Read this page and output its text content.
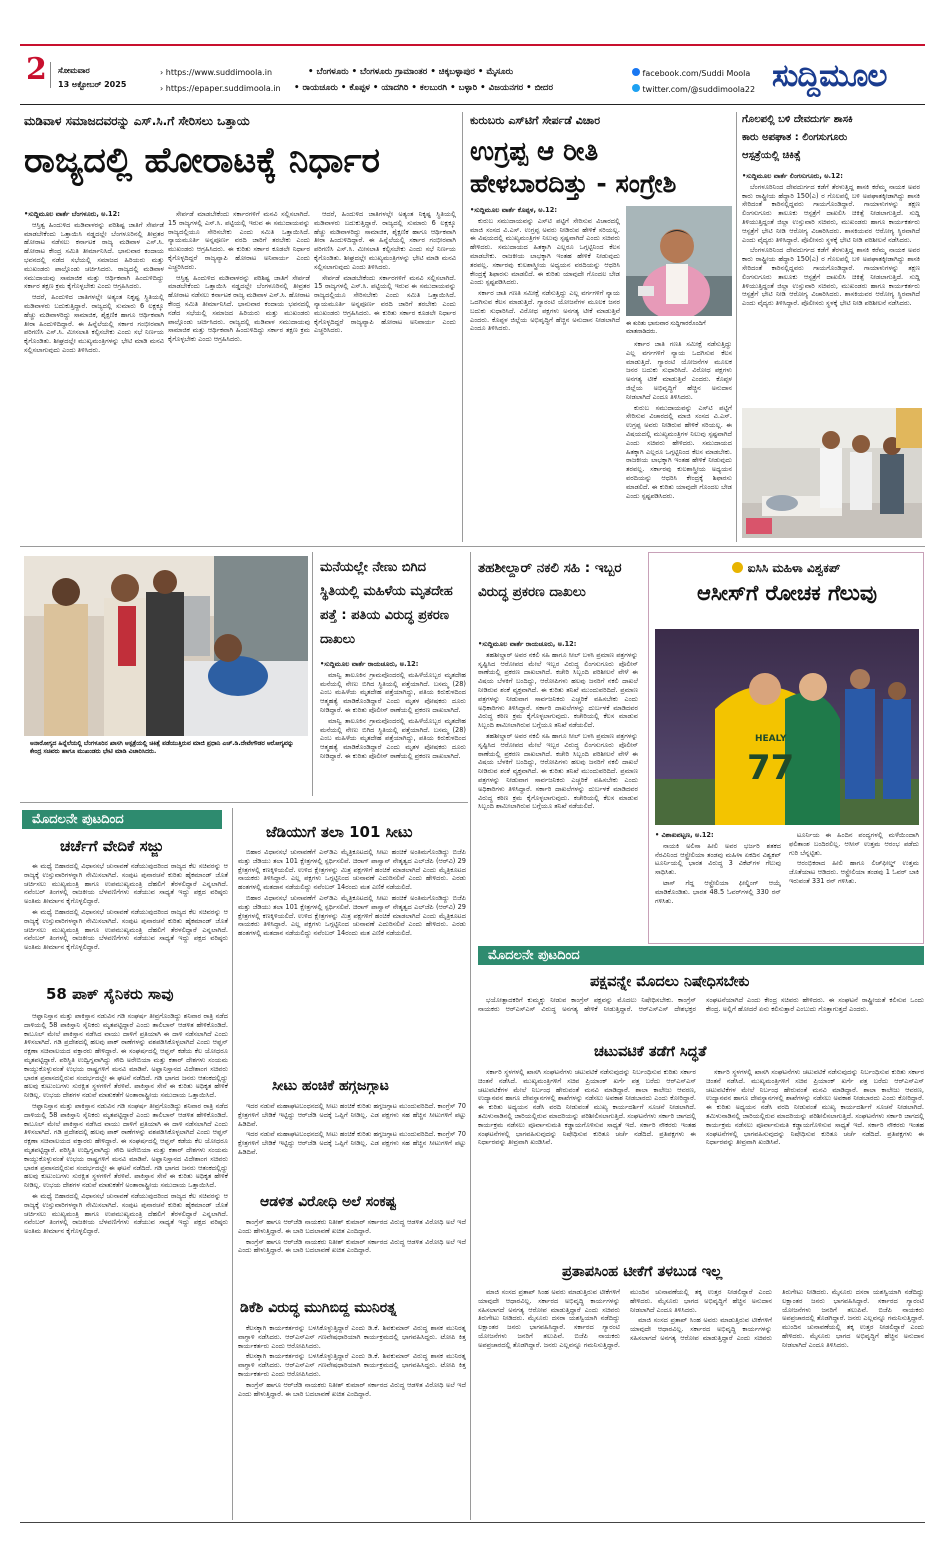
2 ಸೋಮವಾರ
13 ಅಕ್ಟೋಬರ್ 2025
› https://www.suddimoola.in
› https://epaper.suddimoola.in
• ಬೆಂಗಳೂರು • ಬೆಂಗಳೂರು ಗ್ರಾಮಾಂತರ • ಚಿಕ್ಕಬಳ್ಳಾಪುರ • ಮೈಸೂರು
• ರಾಯಚೂರು • ಕೊಪ್ಪಳ • ಯಾದಗಿರಿ • ಕಲಬುರಗಿ • ಬಳ್ಳಾರಿ • ವಿಜಯನಗರ • ಬೀದರ
facebook.com/Suddi Moola
twitter.com/@suddimoola22 ಸುದ್ದಿಮೂಲ
ಮಡಿವಾಳ ಸಮಾಜದವರನ್ನು ಎಸ್.ಸಿ.ಗೆ ಸೇರಿಸಲು ಒತ್ತಾಯ
ರಾಜ್ಯದಲ್ಲಿ ಹೋರಾಟಕ್ಕೆ ನಿರ್ಧಾರ

•ಸುದ್ದಿಮೂಲ ವಾರ್ತೆ ಬೆಂಗಳೂರು, ಅ.12:

ಆಸ್ತಿತ್ವ ಹಿಂದುಳಿದ ಮಡಿವಾಳರನ್ನು ಪರಿಶಿಷ್ಟ ಜಾತಿಗೆ ಸೇರ್ಪಡೆ ಮಾಡಬೇಕೆಂದು ಒತ್ತಾಯಿಸಿ ನಡ್ಡದಲ್ಲೇ ಬೆಂಗಳೂರಿನಲ್ಲಿ ತೀವ್ರತರ ಹೋರಾಟ ನಡೆಸಲು ಕರ್ನಾಟಕ ರಾಜ್ಯ ಮಡಿವಾಳ ಎಸ್.ಸಿ. ಹೋರಾಟ ಕೇಂದ್ರ ಸಮಿತಿ ತೀರ್ಮಾನಿಸಿದೆ. ಭಾನುವಾರ ಕಂದಾಯ ಭವನದಲ್ಲಿ ನಡೆದ ಸಭೆಯಲ್ಲಿ ಸಮಾಜದ ಹಿರಿಯರು ಮತ್ತು ಮುಖಂಡರು ಪಾಲ್ಗೊಂಡು ಚರ್ಚಿಸಿದರು. ರಾಜ್ಯದಲ್ಲಿ ಮಡಿವಾಳ ಸಮುದಾಯವು ಸಾಮಾಜಿಕ ಮತ್ತು ಆರ್ಥಿಕವಾಗಿ ಹಿಂದುಳಿದಿದ್ದು ಸರ್ಕಾರ ತಕ್ಷಣ ಕ್ರಮ ಕೈಗೊಳ್ಳಬೇಕು ಎಂದು ಆಗ್ರಹಿಸಿದರು.

ಆದರೆ, ಹಿಂದುಳಿದ ಜಾತಿಗಳಲ್ಲೇ ಅತ್ಯಂತ ನಿಕೃಷ್ಟ ಸ್ಥಿತಿಯಲ್ಲಿ ಮಡಿವಾಳರು ಬದುಕುತ್ತಿದ್ದಾರೆ. ರಾಜ್ಯದಲ್ಲಿ ಸುಮಾರು 6 ಲಕ್ಷಕ್ಕೂ ಹೆಚ್ಚು ಮಡಿವಾಳರಿದ್ದು ಸಾಮಾಜಿಕ, ಶೈಕ್ಷಣಿಕ ಹಾಗೂ ಆರ್ಥಿಕವಾಗಿ ತೀರಾ ಹಿಂದುಳಿದಿದ್ದಾರೆ. ಈ ಹಿನ್ನೆಲೆಯಲ್ಲಿ ಸರ್ಕಾರ ಗಂಭೀರವಾಗಿ ಪರಿಗಣಿಸಿ ಎಸ್.ಸಿ. ಮೀಸಲಾತಿ ಕಲ್ಪಿಸಬೇಕು ಎಂದು ಸಭೆ ನಿರ್ಣಯ ಕೈಗೊಂಡಿತು. ಶೀಘ್ರದಲ್ಲೇ ಮುಖ್ಯಮಂತ್ರಿಗಳನ್ನು ಭೇಟಿ ಮಾಡಿ ಮನವಿ ಸಲ್ಲಿಸಲಾಗುವುದು ಎಂದು ತಿಳಿಸಿದರು.

ಸೇರ್ಪಡೆ ಮಾಡಬೇಕೆಂದು ಸರ್ಕಾರಗಳಿಗೆ ಮನವಿ ಸಲ್ಲಿಸಲಾಗಿದೆ. 15 ರಾಜ್ಯಗಳಲ್ಲಿ ಎಸ್.ಸಿ. ಪಟ್ಟಿಯಲ್ಲಿ ಇರುವ ಈ ಸಮುದಾಯವನ್ನು ರಾಜ್ಯದಲ್ಲಿಯೂ ಸೇರಿಸಬೇಕು ಎಂದು ಸಮಿತಿ ಒತ್ತಾಯಿಸಿದೆ. ನ್ಯಾಯಮೂರ್ತಿ ಅನ್ನಪೂರ್ಣ ವರದಿ ಜಾರಿಗೆ ತರಬೇಕು ಎಂದು ಮುಖಂಡರು ಆಗ್ರಹಿಸಿದರು. ಈ ಕುರಿತು ಸರ್ಕಾರ ಕೂಡಲೇ ನಿರ್ಧಾರ ಕೈಗೊಳ್ಳದಿದ್ದರೆ ರಾಜ್ಯವ್ಯಾಪಿ ಹೋರಾಟ ಅನಿವಾರ್ಯ ಎಂದು ಎಚ್ಚರಿಸಿದರು.

ಆಸ್ತಿತ್ವ ಹಿಂದುಳಿದ ಮಡಿವಾಳರನ್ನು ಪರಿಶಿಷ್ಟ ಜಾತಿಗೆ ಸೇರ್ಪಡೆ ಮಾಡಬೇಕೆಂದು ಒತ್ತಾಯಿಸಿ ನಡ್ಡದಲ್ಲೇ ಬೆಂಗಳೂರಿನಲ್ಲಿ ತೀವ್ರತರ ಹೋರಾಟ ನಡೆಸಲು ಕರ್ನಾಟಕ ರಾಜ್ಯ ಮಡಿವಾಳ ಎಸ್.ಸಿ. ಹೋರಾಟ ಕೇಂದ್ರ ಸಮಿತಿ ತೀರ್ಮಾನಿಸಿದೆ. ಭಾನುವಾರ ಕಂದಾಯ ಭವನದಲ್ಲಿ ನಡೆದ ಸಭೆಯಲ್ಲಿ ಸಮಾಜದ ಹಿರಿಯರು ಮತ್ತು ಮುಖಂಡರು ಪಾಲ್ಗೊಂಡು ಚರ್ಚಿಸಿದರು. ರಾಜ್ಯದಲ್ಲಿ ಮಡಿವಾಳ ಸಮುದಾಯವು ಸಾಮಾಜಿಕ ಮತ್ತು ಆರ್ಥಿಕವಾಗಿ ಹಿಂದುಳಿದಿದ್ದು ಸರ್ಕಾರ ತಕ್ಷಣ ಕ್ರಮ ಕೈಗೊಳ್ಳಬೇಕು ಎಂದು ಆಗ್ರಹಿಸಿದರು.

ಆದರೆ, ಹಿಂದುಳಿದ ಜಾತಿಗಳಲ್ಲೇ ಅತ್ಯಂತ ನಿಕೃಷ್ಟ ಸ್ಥಿತಿಯಲ್ಲಿ ಮಡಿವಾಳರು ಬದುಕುತ್ತಿದ್ದಾರೆ. ರಾಜ್ಯದಲ್ಲಿ ಸುಮಾರು 6 ಲಕ್ಷಕ್ಕೂ ಹೆಚ್ಚು ಮಡಿವಾಳರಿದ್ದು ಸಾಮಾಜಿಕ, ಶೈಕ್ಷಣಿಕ ಹಾಗೂ ಆರ್ಥಿಕವಾಗಿ ತೀರಾ ಹಿಂದುಳಿದಿದ್ದಾರೆ. ಈ ಹಿನ್ನೆಲೆಯಲ್ಲಿ ಸರ್ಕಾರ ಗಂಭೀರವಾಗಿ ಪರಿಗಣಿಸಿ ಎಸ್.ಸಿ. ಮೀಸಲಾತಿ ಕಲ್ಪಿಸಬೇಕು ಎಂದು ಸಭೆ ನಿರ್ಣಯ ಕೈಗೊಂಡಿತು. ಶೀಘ್ರದಲ್ಲೇ ಮುಖ್ಯಮಂತ್ರಿಗಳನ್ನು ಭೇಟಿ ಮಾಡಿ ಮನವಿ ಸಲ್ಲಿಸಲಾಗುವುದು ಎಂದು ತಿಳಿಸಿದರು.

ಸೇರ್ಪಡೆ ಮಾಡಬೇಕೆಂದು ಸರ್ಕಾರಗಳಿಗೆ ಮನವಿ ಸಲ್ಲಿಸಲಾಗಿದೆ. 15 ರಾಜ್ಯಗಳಲ್ಲಿ ಎಸ್.ಸಿ. ಪಟ್ಟಿಯಲ್ಲಿ ಇರುವ ಈ ಸಮುದಾಯವನ್ನು ರಾಜ್ಯದಲ್ಲಿಯೂ ಸೇರಿಸಬೇಕು ಎಂದು ಸಮಿತಿ ಒತ್ತಾಯಿಸಿದೆ. ನ್ಯಾಯಮೂರ್ತಿ ಅನ್ನಪೂರ್ಣ ವರದಿ ಜಾರಿಗೆ ತರಬೇಕು ಎಂದು ಮುಖಂಡರು ಆಗ್ರಹಿಸಿದರು. ಈ ಕುರಿತು ಸರ್ಕಾರ ಕೂಡಲೇ ನಿರ್ಧಾರ ಕೈಗೊಳ್ಳದಿದ್ದರೆ ರಾಜ್ಯವ್ಯಾಪಿ ಹೋರಾಟ ಅನಿವಾರ್ಯ ಎಂದು ಎಚ್ಚರಿಸಿದರು.

ಕುರುಬರು ಎಸ್‌ಟಿಗೆ ಸೇರ್ಪಡೆ ವಿಚಾರ
ಉಗ್ರಪ್ಪ ಆ ರೀತಿ
ಹೇಳಬಾರದಿತ್ತು - ಸಂಗ್ರೇಶಿ

•ಸುದ್ದಿಮೂಲ ವಾರ್ತೆ ಕೊಪ್ಪಳ, ಅ.12:

ಕುರುಬ ಸಮುದಾಯವನ್ನು ಎಸ್‌ಟಿ ಪಟ್ಟಿಗೆ ಸೇರಿಸುವ ವಿಚಾರದಲ್ಲಿ ಮಾಜಿ ಸಂಸದ ವಿ.ಎಸ್. ಉಗ್ರಪ್ಪ ಅವರು ನೀಡಿರುವ ಹೇಳಿಕೆ ಸರಿಯಲ್ಲ. ಈ ವಿಷಯದಲ್ಲಿ ಮುಖ್ಯಮಂತ್ರಿಗಳ ನಿಲುವು ಸ್ಪಷ್ಟವಾಗಿದೆ ಎಂದು ಸಚಿವರು ಹೇಳಿದರು. ಸಮುದಾಯದ ಹಿತಕ್ಕಾಗಿ ಎಲ್ಲರೂ ಒಗ್ಗಟ್ಟಿನಿಂದ ಕೆಲಸ ಮಾಡಬೇಕು. ರಾಜಕೀಯ ಲಾಭಕ್ಕಾಗಿ ಇಂತಹ ಹೇಳಿಕೆ ನೀಡುವುದು ತರವಲ್ಲ. ಸರ್ಕಾರವು ಕುಲಶಾಸ್ತ್ರೀಯ ಅಧ್ಯಯನ ವರದಿಯನ್ನು ಆಧರಿಸಿ ಕೇಂದ್ರಕ್ಕೆ ಶಿಫಾರಸು ಮಾಡಲಿದೆ. ಈ ಕುರಿತು ಯಾವುದೇ ಗೊಂದಲ ಬೇಡ ಎಂದು ಸ್ಪಷ್ಟಪಡಿಸಿದರು.

ಸರ್ಕಾರ ಜಾತಿ ಗಣತಿ ಸಮೀಕ್ಷೆ ನಡೆಸುತ್ತಿದ್ದು ಎಲ್ಲ ವರ್ಗಗಳಿಗೆ ನ್ಯಾಯ ಒದಗಿಸುವ ಕೆಲಸ ಮಾಡುತ್ತಿದೆ. ಗ್ಯಾರಂಟಿ ಯೋಜನೆಗಳ ಮೂಲಕ ಜನರ ಬದುಕು ಸುಧಾರಿಸಿದೆ. ವಿರೋಧ ಪಕ್ಷಗಳು ಅನಗತ್ಯ ಟೀಕೆ ಮಾಡುತ್ತಿವೆ ಎಂದರು. ಕೊಪ್ಪಳ ಜಿಲ್ಲೆಯ ಅಭಿವೃದ್ಧಿಗೆ ಹೆಚ್ಚಿನ ಅನುದಾನ ನೀಡಲಾಗಿದೆ ಎಂದೂ ತಿಳಿಸಿದರು.

ಈ ಕುರಿತು ಭಾನುವಾರ ಸುದ್ದಿಗಾರರೊಂದಿಗೆ ಮಾತನಾಡಿದರು.

ಸರ್ಕಾರ ಜಾತಿ ಗಣತಿ ಸಮೀಕ್ಷೆ ನಡೆಸುತ್ತಿದ್ದು ಎಲ್ಲ ವರ್ಗಗಳಿಗೆ ನ್ಯಾಯ ಒದಗಿಸುವ ಕೆಲಸ ಮಾಡುತ್ತಿದೆ. ಗ್ಯಾರಂಟಿ ಯೋಜನೆಗಳ ಮೂಲಕ ಜನರ ಬದುಕು ಸುಧಾರಿಸಿದೆ. ವಿರೋಧ ಪಕ್ಷಗಳು ಅನಗತ್ಯ ಟೀಕೆ ಮಾಡುತ್ತಿವೆ ಎಂದರು. ಕೊಪ್ಪಳ ಜಿಲ್ಲೆಯ ಅಭಿವೃದ್ಧಿಗೆ ಹೆಚ್ಚಿನ ಅನುದಾನ ನೀಡಲಾಗಿದೆ ಎಂದೂ ತಿಳಿಸಿದರು.

ಕುರುಬ ಸಮುದಾಯವನ್ನು ಎಸ್‌ಟಿ ಪಟ್ಟಿಗೆ ಸೇರಿಸುವ ವಿಚಾರದಲ್ಲಿ ಮಾಜಿ ಸಂಸದ ವಿ.ಎಸ್. ಉಗ್ರಪ್ಪ ಅವರು ನೀಡಿರುವ ಹೇಳಿಕೆ ಸರಿಯಲ್ಲ. ಈ ವಿಷಯದಲ್ಲಿ ಮುಖ್ಯಮಂತ್ರಿಗಳ ನಿಲುವು ಸ್ಪಷ್ಟವಾಗಿದೆ ಎಂದು ಸಚಿವರು ಹೇಳಿದರು. ಸಮುದಾಯದ ಹಿತಕ್ಕಾಗಿ ಎಲ್ಲರೂ ಒಗ್ಗಟ್ಟಿನಿಂದ ಕೆಲಸ ಮಾಡಬೇಕು. ರಾಜಕೀಯ ಲಾಭಕ್ಕಾಗಿ ಇಂತಹ ಹೇಳಿಕೆ ನೀಡುವುದು ತರವಲ್ಲ. ಸರ್ಕಾರವು ಕುಲಶಾಸ್ತ್ರೀಯ ಅಧ್ಯಯನ ವರದಿಯನ್ನು ಆಧರಿಸಿ ಕೇಂದ್ರಕ್ಕೆ ಶಿಫಾರಸು ಮಾಡಲಿದೆ. ಈ ಕುರಿತು ಯಾವುದೇ ಗೊಂದಲ ಬೇಡ ಎಂದು ಸ್ಪಷ್ಟಪಡಿಸಿದರು.

ಗೊಲಪಲ್ಲಿ ಬಳಿ ದೇವದುರ್ಗ ಶಾಸಕಿ
ಕಾರು ಅಪಘಾತ : ಲಿಂಗಸುಗೂರು
ಆಸ್ಪತ್ರೆಯಲ್ಲಿ ಚಿಕಿತ್ಸೆ

•ಸುದ್ದಿಮೂಲ ವಾರ್ತೆ ಲಿಂಗಸುಗೂರು, ಅ.12:

ಬೆಂಗಳೂರಿನಿಂದ ದೇವದುರ್ಗದ ಕಡೆಗೆ ತೆರಳುತ್ತಿದ್ದ ಶಾಸಕಿ ಕರೆಮ್ಮ ನಾಯಕ ಅವರ ಕಾರು ರಾಷ್ಟ್ರೀಯ ಹೆದ್ದಾರಿ 150(ಎ) ರ ಗೊಲಪಲ್ಲಿ ಬಳಿ ಅಪಘಾತಕ್ಕೀಡಾಗಿದ್ದು ಶಾಸಕಿ ಸೇರಿದಂತೆ ಕಾರಿನಲ್ಲಿದ್ದವರು ಗಾಯಗೊಂಡಿದ್ದಾರೆ. ಗಾಯಾಳುಗಳನ್ನು ತಕ್ಷಣ ಲಿಂಗಸುಗೂರು ತಾಲೂಕು ಆಸ್ಪತ್ರೆಗೆ ದಾಖಲಿಸಿ ಚಿಕಿತ್ಸೆ ನೀಡಲಾಗುತ್ತಿದೆ. ಸುದ್ದಿ ತಿಳಿಯುತ್ತಿದ್ದಂತೆ ಜಿಲ್ಲಾ ಉಸ್ತುವಾರಿ ಸಚಿವರು, ಮುಖಂಡರು ಹಾಗೂ ಕಾರ್ಯಕರ್ತರು ಆಸ್ಪತ್ರೆಗೆ ಭೇಟಿ ನೀಡಿ ಆರೋಗ್ಯ ವಿಚಾರಿಸಿದರು. ಶಾಸಕಿಯವರ ಆರೋಗ್ಯ ಸ್ಥಿರವಾಗಿದೆ ಎಂದು ವೈದ್ಯರು ತಿಳಿಸಿದ್ದಾರೆ. ಪೊಲೀಸರು ಸ್ಥಳಕ್ಕೆ ಭೇಟಿ ನೀಡಿ ಪರಿಶೀಲನೆ ನಡೆಸಿದರು.

ಬೆಂಗಳೂರಿನಿಂದ ದೇವದುರ್ಗದ ಕಡೆಗೆ ತೆರಳುತ್ತಿದ್ದ ಶಾಸಕಿ ಕರೆಮ್ಮ ನಾಯಕ ಅವರ ಕಾರು ರಾಷ್ಟ್ರೀಯ ಹೆದ್ದಾರಿ 150(ಎ) ರ ಗೊಲಪಲ್ಲಿ ಬಳಿ ಅಪಘಾತಕ್ಕೀಡಾಗಿದ್ದು ಶಾಸಕಿ ಸೇರಿದಂತೆ ಕಾರಿನಲ್ಲಿದ್ದವರು ಗಾಯಗೊಂಡಿದ್ದಾರೆ. ಗಾಯಾಳುಗಳನ್ನು ತಕ್ಷಣ ಲಿಂಗಸುಗೂರು ತಾಲೂಕು ಆಸ್ಪತ್ರೆಗೆ ದಾಖಲಿಸಿ ಚಿಕಿತ್ಸೆ ನೀಡಲಾಗುತ್ತಿದೆ. ಸುದ್ದಿ ತಿಳಿಯುತ್ತಿದ್ದಂತೆ ಜಿಲ್ಲಾ ಉಸ್ತುವಾರಿ ಸಚಿವರು, ಮುಖಂಡರು ಹಾಗೂ ಕಾರ್ಯಕರ್ತರು ಆಸ್ಪತ್ರೆಗೆ ಭೇಟಿ ನೀಡಿ ಆರೋಗ್ಯ ವಿಚಾರಿಸಿದರು. ಶಾಸಕಿಯವರ ಆರೋಗ್ಯ ಸ್ಥಿರವಾಗಿದೆ ಎಂದು ವೈದ್ಯರು ತಿಳಿಸಿದ್ದಾರೆ. ಪೊಲೀಸರು ಸ್ಥಳಕ್ಕೆ ಭೇಟಿ ನೀಡಿ ಪರಿಶೀಲನೆ ನಡೆಸಿದರು.

ಅನಾರೋಗ್ಯದ ಹಿನ್ನೆಲೆಯಲ್ಲಿ ಬೆಂಗಳೂರಿನ ಖಾಸಗಿ ಆಸ್ಪತ್ರೆಯಲ್ಲಿ ಚಿಕಿತ್ಸೆ ಪಡೆಯುತ್ತಿರುವ ಮಾಜಿ ಪ್ರಧಾನಿ ಎಚ್.ಡಿ.ದೇವೇಗೌಡರ ಆರೋಗ್ಯವನ್ನು ಕೇಂದ್ರ ಸಚಿವರು ಹಾಗೂ ಮುಖಂಡರು ಭೇಟಿ ಮಾಡಿ ವಿಚಾರಿಸಿದರು.
ಮನೆಯಲ್ಲೇ ನೇಣು ಬಿಗಿದ ಸ್ಥಿತಿಯಲ್ಲಿ ಮಹಿಳೆಯ ಮೃತದೇಹ ಪತ್ತೆ : ಪತಿಯ ವಿರುದ್ಧ ಪ್ರಕರಣ ದಾಖಲು

•ಸುದ್ದಿಮೂಲ ವಾರ್ತೆ ರಾಯಚೂರು, ಅ.12:

ಮಾನ್ವಿ ತಾಲೂಕಿನ ಗ್ರಾಮವೊಂದರಲ್ಲಿ ಮಹಿಳೆಯೊಬ್ಬರ ಮೃತದೇಹ ಮನೆಯಲ್ಲಿ ನೇಣು ಬಿಗಿದ ಸ್ಥಿತಿಯಲ್ಲಿ ಪತ್ತೆಯಾಗಿದೆ. ಬಸಮ್ಮ (28) ಎಂಬ ಮಹಿಳೆಯ ಮೃತದೇಹ ಪತ್ತೆಯಾಗಿದ್ದು, ಪತಿಯ ಕಿರುಕುಳದಿಂದ ಆತ್ಮಹತ್ಯೆ ಮಾಡಿಕೊಂಡಿದ್ದಾರೆ ಎಂದು ಮೃತಳ ಪೋಷಕರು ದೂರು ನೀಡಿದ್ದಾರೆ. ಈ ಕುರಿತು ಪೊಲೀಸ್ ಠಾಣೆಯಲ್ಲಿ ಪ್ರಕರಣ ದಾಖಲಾಗಿದೆ.

ಮಾನ್ವಿ ತಾಲೂಕಿನ ಗ್ರಾಮವೊಂದರಲ್ಲಿ ಮಹಿಳೆಯೊಬ್ಬರ ಮೃತದೇಹ ಮನೆಯಲ್ಲಿ ನೇಣು ಬಿಗಿದ ಸ್ಥಿತಿಯಲ್ಲಿ ಪತ್ತೆಯಾಗಿದೆ. ಬಸಮ್ಮ (28) ಎಂಬ ಮಹಿಳೆಯ ಮೃತದೇಹ ಪತ್ತೆಯಾಗಿದ್ದು, ಪತಿಯ ಕಿರುಕುಳದಿಂದ ಆತ್ಮಹತ್ಯೆ ಮಾಡಿಕೊಂಡಿದ್ದಾರೆ ಎಂದು ಮೃತಳ ಪೋಷಕರು ದೂರು ನೀಡಿದ್ದಾರೆ. ಈ ಕುರಿತು ಪೊಲೀಸ್ ಠಾಣೆಯಲ್ಲಿ ಪ್ರಕರಣ ದಾಖಲಾಗಿದೆ.

ತಹಶೀಲ್ದಾರ್ ನಕಲಿ ಸಹಿ : ಇಬ್ಬರ ವಿರುದ್ಧ ಪ್ರಕರಣ ದಾಖಲು

•ಸುದ್ದಿಮೂಲ ವಾರ್ತೆ ರಾಯಚೂರು, ಅ.12:

ತಹಶೀಲ್ದಾರ್ ಅವರ ನಕಲಿ ಸಹಿ ಹಾಗೂ ಸೀಲ್ ಬಳಸಿ ಪ್ರಮಾಣ ಪತ್ರಗಳನ್ನು ಸೃಷ್ಟಿಸಿದ ಆರೋಪದ ಮೇಲೆ ಇಬ್ಬರ ವಿರುದ್ಧ ಲಿಂಗಸುಗೂರು ಪೊಲೀಸ್ ಠಾಣೆಯಲ್ಲಿ ಪ್ರಕರಣ ದಾಖಲಾಗಿದೆ. ಕಚೇರಿ ಸಿಬ್ಬಂದಿ ಪರಿಶೀಲನೆ ವೇಳೆ ಈ ವಿಷಯ ಬೆಳಕಿಗೆ ಬಂದಿದ್ದು, ಆರೋಪಿಗಳು ಹಲವು ಜನರಿಗೆ ನಕಲಿ ದಾಖಲೆ ನೀಡಿರುವ ಶಂಕೆ ವ್ಯಕ್ತವಾಗಿದೆ. ಈ ಕುರಿತು ತನಿಖೆ ಮುಂದುವರಿದಿದೆ. ಪ್ರಮಾಣ ಪತ್ರಗಳನ್ನು ನೀಡುವಾಗ ಸಾರ್ವಜನಿಕರು ಎಚ್ಚರಿಕೆ ವಹಿಸಬೇಕು ಎಂದು ಅಧಿಕಾರಿಗಳು ತಿಳಿಸಿದ್ದಾರೆ. ಸರ್ಕಾರಿ ದಾಖಲೆಗಳನ್ನು ದುರ್ಬಳಕೆ ಮಾಡಿದವರ ವಿರುದ್ಧ ಕಠಿಣ ಕ್ರಮ ಕೈಗೊಳ್ಳಲಾಗುವುದು. ಕಚೇರಿಯಲ್ಲಿ ಕೆಲಸ ಮಾಡುವ ಸಿಬ್ಬಂದಿ ಶಾಮೀಲಾಗಿರುವ ಬಗ್ಗೆಯೂ ತನಿಖೆ ನಡೆಯಲಿದೆ.

ತಹಶೀಲ್ದಾರ್ ಅವರ ನಕಲಿ ಸಹಿ ಹಾಗೂ ಸೀಲ್ ಬಳಸಿ ಪ್ರಮಾಣ ಪತ್ರಗಳನ್ನು ಸೃಷ್ಟಿಸಿದ ಆರೋಪದ ಮೇಲೆ ಇಬ್ಬರ ವಿರುದ್ಧ ಲಿಂಗಸುಗೂರು ಪೊಲೀಸ್ ಠಾಣೆಯಲ್ಲಿ ಪ್ರಕರಣ ದಾಖಲಾಗಿದೆ. ಕಚೇರಿ ಸಿಬ್ಬಂದಿ ಪರಿಶೀಲನೆ ವೇಳೆ ಈ ವಿಷಯ ಬೆಳಕಿಗೆ ಬಂದಿದ್ದು, ಆರೋಪಿಗಳು ಹಲವು ಜನರಿಗೆ ನಕಲಿ ದಾಖಲೆ ನೀಡಿರುವ ಶಂಕೆ ವ್ಯಕ್ತವಾಗಿದೆ. ಈ ಕುರಿತು ತನಿಖೆ ಮುಂದುವರಿದಿದೆ. ಪ್ರಮಾಣ ಪತ್ರಗಳನ್ನು ನೀಡುವಾಗ ಸಾರ್ವಜನಿಕರು ಎಚ್ಚರಿಕೆ ವಹಿಸಬೇಕು ಎಂದು ಅಧಿಕಾರಿಗಳು ತಿಳಿಸಿದ್ದಾರೆ. ಸರ್ಕಾರಿ ದಾಖಲೆಗಳನ್ನು ದುರ್ಬಳಕೆ ಮಾಡಿದವರ ವಿರುದ್ಧ ಕಠಿಣ ಕ್ರಮ ಕೈಗೊಳ್ಳಲಾಗುವುದು. ಕಚೇರಿಯಲ್ಲಿ ಕೆಲಸ ಮಾಡುವ ಸಿಬ್ಬಂದಿ ಶಾಮೀಲಾಗಿರುವ ಬಗ್ಗೆಯೂ ತನಿಖೆ ನಡೆಯಲಿದೆ.

ಐಸಿಸಿ ಮಹಿಳಾ ವಿಶ್ವಕಪ್
ಆಸೀಸ್‌ಗೆ ರೋಚಕ ಗೆಲುವು
HEALY
77

• ವಿಶಾಖಪಟ್ಟಣ, ಅ.12:

ನಾಯಕಿ ಅಲಿಸಾ ಹೀಲಿ ಅವರ ಭರ್ಜರಿ ಶತಕದ ನೆರವಿನಿಂದ ಆಸ್ಟ್ರೇಲಿಯಾ ತಂಡವು ಮಹಿಳಾ ಏಕದಿನ ವಿಶ್ವಕಪ್ ಟೂರ್ನಿಯಲ್ಲಿ ಭಾರತ ವಿರುದ್ಧ 3 ವಿಕೆಟ್‌ಗಳ ಗೆಲುವು ಸಾಧಿಸಿತು.

ಟಾಸ್ ಗೆದ್ದ ಆಸ್ಟ್ರೇಲಿಯಾ ಫೀಲ್ಡಿಂಗ್ ಆಯ್ಕೆ ಮಾಡಿಕೊಂಡಿತು. ಭಾರತ 48.5 ಓವರ್‌ಗಳಲ್ಲಿ 330 ರನ್ ಗಳಿಸಿತು.

ಟೂರ್ನಿಯ ಈ ಹಿಂದಿನ ಪಂದ್ಯಗಳಲ್ಲಿ ಮಳೆಯಿಂದಾಗಿ ಫಲಿತಾಂಶ ಬಂದಿರಲಿಲ್ಲ. ಆಸೀಸ್ ಉತ್ತಮ ಆರಂಭ ಪಡೆದು ಗುರಿ ಬೆನ್ನಟ್ಟಿತು.

ಆರಂಭಿಕರಾದ ಹೀಲಿ ಹಾಗೂ ಲಿಚ್‌ಫೀಲ್ಡ್ ಉತ್ತಮ ಜೊತೆಯಾಟ ಆಡಿದರು. ಆಸ್ಟ್ರೇಲಿಯಾ ತಂಡವು 1 ಓವರ್ ಬಾಕಿ ಇರುವಂತೆ 331 ರನ್ ಗಳಿಸಿತು.

ಮೊದಲನೇ ಪುಟದಿಂದ
ಚರ್ಚೆಗೆ ವೇದಿಕೆ ಸಜ್ಜು

ಈ ಮಧ್ಯೆ ಬಿಹಾರದಲ್ಲಿ ವಿಧಾನಸಭೆ ಚುನಾವಣೆ ನಡೆಯುವುದರಿಂದ ರಾಜ್ಯದ ಕೆಲ ಸಚಿವರನ್ನು ಆ ರಾಜ್ಯಕ್ಕೆ ಉಸ್ತುವಾರಿಗಳನ್ನಾಗಿ ನೇಮಿಸಲಾಗಿದೆ. ಸಂಪುಟ ಪುನಾರಚನೆ ಕುರಿತು ಹೈಕಮಾಂಡ್ ಜೊತೆ ಚರ್ಚಿಸಲು ಮುಖ್ಯಮಂತ್ರಿ ಹಾಗೂ ಉಪಮುಖ್ಯಮಂತ್ರಿ ದೆಹಲಿಗೆ ತೆರಳಲಿದ್ದಾರೆ ಎನ್ನಲಾಗಿದೆ. ನವೆಂಬರ್ ತಿಂಗಳಲ್ಲಿ ರಾಜಕೀಯ ಬೆಳವಣಿಗೆಗಳು ನಡೆಯುವ ಸಾಧ್ಯತೆ ಇದ್ದು ಪಕ್ಷದ ವರಿಷ್ಠರು ಅಂತಿಮ ತೀರ್ಮಾನ ಕೈಗೊಳ್ಳಲಿದ್ದಾರೆ.

ಈ ಮಧ್ಯೆ ಬಿಹಾರದಲ್ಲಿ ವಿಧಾನಸಭೆ ಚುನಾವಣೆ ನಡೆಯುವುದರಿಂದ ರಾಜ್ಯದ ಕೆಲ ಸಚಿವರನ್ನು ಆ ರಾಜ್ಯಕ್ಕೆ ಉಸ್ತುವಾರಿಗಳನ್ನಾಗಿ ನೇಮಿಸಲಾಗಿದೆ. ಸಂಪುಟ ಪುನಾರಚನೆ ಕುರಿತು ಹೈಕಮಾಂಡ್ ಜೊತೆ ಚರ್ಚಿಸಲು ಮುಖ್ಯಮಂತ್ರಿ ಹಾಗೂ ಉಪಮುಖ್ಯಮಂತ್ರಿ ದೆಹಲಿಗೆ ತೆರಳಲಿದ್ದಾರೆ ಎನ್ನಲಾಗಿದೆ. ನವೆಂಬರ್ ತಿಂಗಳಲ್ಲಿ ರಾಜಕೀಯ ಬೆಳವಣಿಗೆಗಳು ನಡೆಯುವ ಸಾಧ್ಯತೆ ಇದ್ದು ಪಕ್ಷದ ವರಿಷ್ಠರು ಅಂತಿಮ ತೀರ್ಮಾನ ಕೈಗೊಳ್ಳಲಿದ್ದಾರೆ.

58 ಪಾಕ್ ಸೈನಿಕರು ಸಾವು

ಆಫ್ಘಾನಿಸ್ತಾನ ಮತ್ತು ಪಾಕಿಸ್ತಾನ ನಡುವಿನ ಗಡಿ ಸಂಘರ್ಷ ತೀವ್ರಗೊಂಡಿದ್ದು ಶನಿವಾರ ರಾತ್ರಿ ನಡೆದ ದಾಳಿಯಲ್ಲಿ 58 ಪಾಕಿಸ್ತಾನಿ ಸೈನಿಕರು ಮೃತಪಟ್ಟಿದ್ದಾರೆ ಎಂದು ತಾಲಿಬಾನ್ ಆಡಳಿತ ಹೇಳಿಕೊಂಡಿದೆ. ಕಾಬೂಲ್ ಮೇಲೆ ಪಾಕಿಸ್ತಾನ ನಡೆಸಿದ ವಾಯು ದಾಳಿಗೆ ಪ್ರತಿಯಾಗಿ ಈ ದಾಳಿ ನಡೆಸಲಾಗಿದೆ ಎಂದು ತಿಳಿಸಲಾಗಿದೆ. ಗಡಿ ಪ್ರದೇಶದಲ್ಲಿ ಹಲವು ಪಾಕ್ ಠಾಣೆಗಳನ್ನು ವಶಪಡಿಸಿಕೊಳ್ಳಲಾಗಿದೆ ಎಂದು ಆಫ್ಘನ್ ರಕ್ಷಣಾ ಸಚಿವಾಲಯದ ವಕ್ತಾರರು ಹೇಳಿದ್ದಾರೆ. ಈ ಸಂಘರ್ಷದಲ್ಲಿ ಆಫ್ಘನ್ ಕಡೆಯ ಕೆಲ ಯೋಧರೂ ಮೃತಪಟ್ಟಿದ್ದಾರೆ. ಪರಿಸ್ಥಿತಿ ಉದ್ವಿಗ್ನವಾಗಿದ್ದು ಸೌದಿ ಅರೇಬಿಯಾ ಮತ್ತು ಕತಾರ್ ದೇಶಗಳು ಸಂಯಮ ಕಾಯ್ದುಕೊಳ್ಳುವಂತೆ ಉಭಯ ರಾಷ್ಟ್ರಗಳಿಗೆ ಮನವಿ ಮಾಡಿವೆ. ಅಫ್ಘಾನಿಸ್ತಾನದ ವಿದೇಶಾಂಗ ಸಚಿವರು ಭಾರತ ಪ್ರವಾಸದಲ್ಲಿರುವ ಸಂದರ್ಭದಲ್ಲೇ ಈ ಘಟನೆ ನಡೆದಿದೆ. ಗಡಿ ಭಾಗದ ಜನರು ಆತಂಕದಲ್ಲಿದ್ದು ಹಲವು ಕುಟುಂಬಗಳು ಸುರಕ್ಷಿತ ಸ್ಥಳಗಳಿಗೆ ತೆರಳಿವೆ. ಪಾಕಿಸ್ತಾನ ಸೇನೆ ಈ ಕುರಿತು ಅಧಿಕೃತ ಹೇಳಿಕೆ ನೀಡಿಲ್ಲ. ಉಭಯ ದೇಶಗಳ ನಡುವೆ ಮಾತುಕತೆಗೆ ಅಂತಾರಾಷ್ಟ್ರೀಯ ಸಮುದಾಯ ಒತ್ತಾಯಿಸಿದೆ.

ಆಫ್ಘಾನಿಸ್ತಾನ ಮತ್ತು ಪಾಕಿಸ್ತಾನ ನಡುವಿನ ಗಡಿ ಸಂಘರ್ಷ ತೀವ್ರಗೊಂಡಿದ್ದು ಶನಿವಾರ ರಾತ್ರಿ ನಡೆದ ದಾಳಿಯಲ್ಲಿ 58 ಪಾಕಿಸ್ತಾನಿ ಸೈನಿಕರು ಮೃತಪಟ್ಟಿದ್ದಾರೆ ಎಂದು ತಾಲಿಬಾನ್ ಆಡಳಿತ ಹೇಳಿಕೊಂಡಿದೆ. ಕಾಬೂಲ್ ಮೇಲೆ ಪಾಕಿಸ್ತಾನ ನಡೆಸಿದ ವಾಯು ದಾಳಿಗೆ ಪ್ರತಿಯಾಗಿ ಈ ದಾಳಿ ನಡೆಸಲಾಗಿದೆ ಎಂದು ತಿಳಿಸಲಾಗಿದೆ. ಗಡಿ ಪ್ರದೇಶದಲ್ಲಿ ಹಲವು ಪಾಕ್ ಠಾಣೆಗಳನ್ನು ವಶಪಡಿಸಿಕೊಳ್ಳಲಾಗಿದೆ ಎಂದು ಆಫ್ಘನ್ ರಕ್ಷಣಾ ಸಚಿವಾಲಯದ ವಕ್ತಾರರು ಹೇಳಿದ್ದಾರೆ. ಈ ಸಂಘರ್ಷದಲ್ಲಿ ಆಫ್ಘನ್ ಕಡೆಯ ಕೆಲ ಯೋಧರೂ ಮೃತಪಟ್ಟಿದ್ದಾರೆ. ಪರಿಸ್ಥಿತಿ ಉದ್ವಿಗ್ನವಾಗಿದ್ದು ಸೌದಿ ಅರೇಬಿಯಾ ಮತ್ತು ಕತಾರ್ ದೇಶಗಳು ಸಂಯಮ ಕಾಯ್ದುಕೊಳ್ಳುವಂತೆ ಉಭಯ ರಾಷ್ಟ್ರಗಳಿಗೆ ಮನವಿ ಮಾಡಿವೆ. ಅಫ್ಘಾನಿಸ್ತಾನದ ವಿದೇಶಾಂಗ ಸಚಿವರು ಭಾರತ ಪ್ರವಾಸದಲ್ಲಿರುವ ಸಂದರ್ಭದಲ್ಲೇ ಈ ಘಟನೆ ನಡೆದಿದೆ. ಗಡಿ ಭಾಗದ ಜನರು ಆತಂಕದಲ್ಲಿದ್ದು ಹಲವು ಕುಟುಂಬಗಳು ಸುರಕ್ಷಿತ ಸ್ಥಳಗಳಿಗೆ ತೆರಳಿವೆ. ಪಾಕಿಸ್ತಾನ ಸೇನೆ ಈ ಕುರಿತು ಅಧಿಕೃತ ಹೇಳಿಕೆ ನೀಡಿಲ್ಲ. ಉಭಯ ದೇಶಗಳ ನಡುವೆ ಮಾತುಕತೆಗೆ ಅಂತಾರಾಷ್ಟ್ರೀಯ ಸಮುದಾಯ ಒತ್ತಾಯಿಸಿದೆ.

ಈ ಮಧ್ಯೆ ಬಿಹಾರದಲ್ಲಿ ವಿಧಾನಸಭೆ ಚುನಾವಣೆ ನಡೆಯುವುದರಿಂದ ರಾಜ್ಯದ ಕೆಲ ಸಚಿವರನ್ನು ಆ ರಾಜ್ಯಕ್ಕೆ ಉಸ್ತುವಾರಿಗಳನ್ನಾಗಿ ನೇಮಿಸಲಾಗಿದೆ. ಸಂಪುಟ ಪುನಾರಚನೆ ಕುರಿತು ಹೈಕಮಾಂಡ್ ಜೊತೆ ಚರ್ಚಿಸಲು ಮುಖ್ಯಮಂತ್ರಿ ಹಾಗೂ ಉಪಮುಖ್ಯಮಂತ್ರಿ ದೆಹಲಿಗೆ ತೆರಳಲಿದ್ದಾರೆ ಎನ್ನಲಾಗಿದೆ. ನವೆಂಬರ್ ತಿಂಗಳಲ್ಲಿ ರಾಜಕೀಯ ಬೆಳವಣಿಗೆಗಳು ನಡೆಯುವ ಸಾಧ್ಯತೆ ಇದ್ದು ಪಕ್ಷದ ವರಿಷ್ಠರು ಅಂತಿಮ ತೀರ್ಮಾನ ಕೈಗೊಳ್ಳಲಿದ್ದಾರೆ.

ಜೆಡಿಯುಗೆ ತಲಾ 101 ಸೀಟು

ಬಿಹಾರ ವಿಧಾನಸಭೆ ಚುನಾವಣೆಗೆ ಎನ್‌ಡಿಎ ಮೈತ್ರಿಕೂಟದಲ್ಲಿ ಸೀಟು ಹಂಚಿಕೆ ಅಂತಿಮಗೊಂಡಿದ್ದು ಬಿಜೆಪಿ ಮತ್ತು ಜೆಡಿಯು ತಲಾ 101 ಕ್ಷೇತ್ರಗಳಲ್ಲಿ ಸ್ಪರ್ಧಿಸಲಿವೆ. ಚಿರಾಗ್ ಪಾಸ್ವಾನ್ ನೇತೃತ್ವದ ಎಲ್‌ಜೆಪಿ (ಆರ್‌ವಿ) 29 ಕ್ಷೇತ್ರಗಳಲ್ಲಿ ಕಣಕ್ಕಿಳಿಯಲಿದೆ. ಉಳಿದ ಕ್ಷೇತ್ರಗಳನ್ನು ಮಿತ್ರ ಪಕ್ಷಗಳಿಗೆ ಹಂಚಿಕೆ ಮಾಡಲಾಗಿದೆ ಎಂದು ಮೈತ್ರಿಕೂಟದ ನಾಯಕರು ತಿಳಿಸಿದ್ದಾರೆ. ಎಲ್ಲ ಪಕ್ಷಗಳು ಒಗ್ಗಟ್ಟಿನಿಂದ ಚುನಾವಣೆ ಎದುರಿಸಲಿವೆ ಎಂದು ಹೇಳಿದರು. ಎರಡು ಹಂತಗಳಲ್ಲಿ ಮತದಾನ ನಡೆಯಲಿದ್ದು ನವೆಂಬರ್ 14ರಂದು ಮತ ಎಣಿಕೆ ನಡೆಯಲಿದೆ.

ಬಿಹಾರ ವಿಧಾನಸಭೆ ಚುನಾವಣೆಗೆ ಎನ್‌ಡಿಎ ಮೈತ್ರಿಕೂಟದಲ್ಲಿ ಸೀಟು ಹಂಚಿಕೆ ಅಂತಿಮಗೊಂಡಿದ್ದು ಬಿಜೆಪಿ ಮತ್ತು ಜೆಡಿಯು ತಲಾ 101 ಕ್ಷೇತ್ರಗಳಲ್ಲಿ ಸ್ಪರ್ಧಿಸಲಿವೆ. ಚಿರಾಗ್ ಪಾಸ್ವಾನ್ ನೇತೃತ್ವದ ಎಲ್‌ಜೆಪಿ (ಆರ್‌ವಿ) 29 ಕ್ಷೇತ್ರಗಳಲ್ಲಿ ಕಣಕ್ಕಿಳಿಯಲಿದೆ. ಉಳಿದ ಕ್ಷೇತ್ರಗಳನ್ನು ಮಿತ್ರ ಪಕ್ಷಗಳಿಗೆ ಹಂಚಿಕೆ ಮಾಡಲಾಗಿದೆ ಎಂದು ಮೈತ್ರಿಕೂಟದ ನಾಯಕರು ತಿಳಿಸಿದ್ದಾರೆ. ಎಲ್ಲ ಪಕ್ಷಗಳು ಒಗ್ಗಟ್ಟಿನಿಂದ ಚುನಾವಣೆ ಎದುರಿಸಲಿವೆ ಎಂದು ಹೇಳಿದರು. ಎರಡು ಹಂತಗಳಲ್ಲಿ ಮತದಾನ ನಡೆಯಲಿದ್ದು ನವೆಂಬರ್ 14ರಂದು ಮತ ಎಣಿಕೆ ನಡೆಯಲಿದೆ.

ಸೀಟು ಹಂಚಿಕೆ ಹಗ್ಗಜಗ್ಗಾಟ

ಇದರ ನಡುವೆ ಮಹಾಘಟಬಂಧನದಲ್ಲಿ ಸೀಟು ಹಂಚಿಕೆ ಕುರಿತು ಹಗ್ಗಜಗ್ಗಾಟ ಮುಂದುವರಿದಿದೆ. ಕಾಂಗ್ರೆಸ್ 70 ಕ್ಷೇತ್ರಗಳಿಗೆ ಬೇಡಿಕೆ ಇಟ್ಟಿದ್ದು ಆರ್‌ಜೆಡಿ ಅದಕ್ಕೆ ಒಪ್ಪಿಗೆ ನೀಡಿಲ್ಲ. ಎಡ ಪಕ್ಷಗಳು ಸಹ ಹೆಚ್ಚಿನ ಸೀಟುಗಳಿಗೆ ಪಟ್ಟು ಹಿಡಿದಿವೆ.

ಇದರ ನಡುವೆ ಮಹಾಘಟಬಂಧನದಲ್ಲಿ ಸೀಟು ಹಂಚಿಕೆ ಕುರಿತು ಹಗ್ಗಜಗ್ಗಾಟ ಮುಂದುವರಿದಿದೆ. ಕಾಂಗ್ರೆಸ್ 70 ಕ್ಷೇತ್ರಗಳಿಗೆ ಬೇಡಿಕೆ ಇಟ್ಟಿದ್ದು ಆರ್‌ಜೆಡಿ ಅದಕ್ಕೆ ಒಪ್ಪಿಗೆ ನೀಡಿಲ್ಲ. ಎಡ ಪಕ್ಷಗಳು ಸಹ ಹೆಚ್ಚಿನ ಸೀಟುಗಳಿಗೆ ಪಟ್ಟು ಹಿಡಿದಿವೆ.

ಆಡಳಿತ ವಿರೋಧಿ ಅಲೆ ಸಂಕಷ್ಟ

ಕಾಂಗ್ರೆಸ್ ಹಾಗೂ ಆರ್‌ಜೆಡಿ ನಾಯಕರು ನಿತೀಶ್ ಕುಮಾರ್ ಸರ್ಕಾರದ ವಿರುದ್ಧ ಆಡಳಿತ ವಿರೋಧಿ ಅಲೆ ಇದೆ ಎಂದು ಹೇಳುತ್ತಿದ್ದಾರೆ. ಈ ಬಾರಿ ಬದಲಾವಣೆ ಖಚಿತ ಎಂದಿದ್ದಾರೆ.

ಕಾಂಗ್ರೆಸ್ ಹಾಗೂ ಆರ್‌ಜೆಡಿ ನಾಯಕರು ನಿತೀಶ್ ಕುಮಾರ್ ಸರ್ಕಾರದ ವಿರುದ್ಧ ಆಡಳಿತ ವಿರೋಧಿ ಅಲೆ ಇದೆ ಎಂದು ಹೇಳುತ್ತಿದ್ದಾರೆ. ಈ ಬಾರಿ ಬದಲಾವಣೆ ಖಚಿತ ಎಂದಿದ್ದಾರೆ.

ಡಿಕೆಶಿ ವಿರುದ್ಧ ಮುಗಿಬಿದ್ದ ಮುನಿರತ್ನ

ಕೆಲಸಕ್ಕಾಗಿ ಕಾರ್ಯಕರ್ತರನ್ನು ಬಳಸಿಕೊಳ್ಳುತ್ತಿದ್ದಾರೆ ಎಂದು ಡಿ.ಕೆ. ಶಿವಕುಮಾರ್ ವಿರುದ್ಧ ಶಾಸಕ ಮುನಿರತ್ನ ವಾಗ್ದಾಳಿ ನಡೆಸಿದರು. ಆರ್‌ಎಸ್‌ಎಸ್ ಗಣವೇಷಧಾರಿಯಾಗಿ ಕಾರ್ಯಕ್ರಮದಲ್ಲಿ ಭಾಗವಹಿಸಿದ್ದರು. ಟೋಪಿ ಕಿತ್ತ ಕಾರ್ಯಕರ್ತರು ಎಂದು ಆರೋಪಿಸಿದರು.

ಕೆಲಸಕ್ಕಾಗಿ ಕಾರ್ಯಕರ್ತರನ್ನು ಬಳಸಿಕೊಳ್ಳುತ್ತಿದ್ದಾರೆ ಎಂದು ಡಿ.ಕೆ. ಶಿವಕುಮಾರ್ ವಿರುದ್ಧ ಶಾಸಕ ಮುನಿರತ್ನ ವಾಗ್ದಾಳಿ ನಡೆಸಿದರು. ಆರ್‌ಎಸ್‌ಎಸ್ ಗಣವೇಷಧಾರಿಯಾಗಿ ಕಾರ್ಯಕ್ರಮದಲ್ಲಿ ಭಾಗವಹಿಸಿದ್ದರು. ಟೋಪಿ ಕಿತ್ತ ಕಾರ್ಯಕರ್ತರು ಎಂದು ಆರೋಪಿಸಿದರು.

ಕಾಂಗ್ರೆಸ್ ಹಾಗೂ ಆರ್‌ಜೆಡಿ ನಾಯಕರು ನಿತೀಶ್ ಕುಮಾರ್ ಸರ್ಕಾರದ ವಿರುದ್ಧ ಆಡಳಿತ ವಿರೋಧಿ ಅಲೆ ಇದೆ ಎಂದು ಹೇಳುತ್ತಿದ್ದಾರೆ. ಈ ಬಾರಿ ಬದಲಾವಣೆ ಖಚಿತ ಎಂದಿದ್ದಾರೆ.

ಮೊದಲನೇ ಪುಟದಿಂದ
ಪಕ್ಷವನ್ನೇ ಮೊದಲು ನಿಷೇಧಿಸಬೇಕು

ಭಯೋತ್ಪಾದಕರಿಗೆ ಕುಮ್ಮಕ್ಕು ನೀಡುವ ಕಾಂಗ್ರೆಸ್ ಪಕ್ಷವನ್ನು ಮೊದಲು ನಿಷೇಧಿಸಬೇಕು. ಕಾಂಗ್ರೆಸ್ ನಾಯಕರು ಆರ್‌ಎಸ್‌ಎಸ್ ವಿರುದ್ಧ ಅನಗತ್ಯ ಹೇಳಿಕೆ ನೀಡುತ್ತಿದ್ದಾರೆ. ಆರ್‌ಎಸ್‌ಎಸ್ ದೇಶಭಕ್ತರ ಸಂಘಟನೆಯಾಗಿದೆ ಎಂದು ಕೇಂದ್ರ ಸಚಿವರು ಹೇಳಿದರು. ಈ ಸಂಘಟನೆ ರಾಷ್ಟ್ರೀಯತೆ ಕಲಿಸುವ ಒಂದು ಕೇಂದ್ರ. ಅಲ್ಲಿಗೆ ಹೋದರೆ ಏನು ಕಲಿಸುತ್ತಾರೆ ಎಂಬುದು ಗೊತ್ತಾಗುತ್ತದೆ ಎಂದರು.

ಚಟುವಟಿಕೆ ತಡೆಗೆ ಸಿದ್ಧತೆ

ಸರ್ಕಾರಿ ಸ್ಥಳಗಳಲ್ಲಿ ಖಾಸಗಿ ಸಂಘಟನೆಗಳು ಚಟುವಟಿಕೆ ನಡೆಸುವುದನ್ನು ನಿರ್ಬಂಧಿಸುವ ಕುರಿತು ಸರ್ಕಾರ ಚಿಂತನೆ ನಡೆಸಿದೆ. ಮುಖ್ಯಮಂತ್ರಿಗಳಿಗೆ ಸಚಿವ ಪ್ರಿಯಾಂಕ್ ಖರ್ಗೆ ಪತ್ರ ಬರೆದು ಆರ್‌ಎಸ್‌ಎಸ್ ಚಟುವಟಿಕೆಗಳ ಮೇಲೆ ನಿರ್ಬಂಧ ಹೇರುವಂತೆ ಮನವಿ ಮಾಡಿದ್ದಾರೆ. ಶಾಲಾ ಕಾಲೇಜು ಆವರಣ, ಉದ್ಯಾನವನ ಹಾಗೂ ದೇವಸ್ಥಾನಗಳಲ್ಲಿ ಶಾಖೆಗಳನ್ನು ನಡೆಸಲು ಅವಕಾಶ ನೀಡಬಾರದು ಎಂದು ಕೋರಿದ್ದಾರೆ. ಈ ಕುರಿತು ಅಧ್ಯಯನ ನಡೆಸಿ ವರದಿ ನೀಡುವಂತೆ ಮುಖ್ಯ ಕಾರ್ಯದರ್ಶಿಗೆ ಸೂಚನೆ ನೀಡಲಾಗಿದೆ. ತಮಿಳುನಾಡಿನಲ್ಲಿ ಜಾರಿಯಲ್ಲಿರುವ ಮಾದರಿಯನ್ನು ಪರಿಶೀಲಿಸಲಾಗುತ್ತಿದೆ. ಸಂಘಟನೆಗಳು ಸರ್ಕಾರಿ ಜಾಗದಲ್ಲಿ ಕಾರ್ಯಕ್ರಮ ನಡೆಸಲು ಪೂರ್ವಾನುಮತಿ ಕಡ್ಡಾಯಗೊಳಿಸುವ ಸಾಧ್ಯತೆ ಇದೆ. ಸರ್ಕಾರಿ ನೌಕರರು ಇಂತಹ ಸಂಘಟನೆಗಳಲ್ಲಿ ಭಾಗವಹಿಸುವುದನ್ನು ನಿಷೇಧಿಸುವ ಕುರಿತೂ ಚರ್ಚೆ ನಡೆದಿದೆ. ಪ್ರತಿಪಕ್ಷಗಳು ಈ ನಿರ್ಧಾರವನ್ನು ತೀವ್ರವಾಗಿ ಖಂಡಿಸಿವೆ.

ಸರ್ಕಾರಿ ಸ್ಥಳಗಳಲ್ಲಿ ಖಾಸಗಿ ಸಂಘಟನೆಗಳು ಚಟುವಟಿಕೆ ನಡೆಸುವುದನ್ನು ನಿರ್ಬಂಧಿಸುವ ಕುರಿತು ಸರ್ಕಾರ ಚಿಂತನೆ ನಡೆಸಿದೆ. ಮುಖ್ಯಮಂತ್ರಿಗಳಿಗೆ ಸಚಿವ ಪ್ರಿಯಾಂಕ್ ಖರ್ಗೆ ಪತ್ರ ಬರೆದು ಆರ್‌ಎಸ್‌ಎಸ್ ಚಟುವಟಿಕೆಗಳ ಮೇಲೆ ನಿರ್ಬಂಧ ಹೇರುವಂತೆ ಮನವಿ ಮಾಡಿದ್ದಾರೆ. ಶಾಲಾ ಕಾಲೇಜು ಆವರಣ, ಉದ್ಯಾನವನ ಹಾಗೂ ದೇವಸ್ಥಾನಗಳಲ್ಲಿ ಶಾಖೆಗಳನ್ನು ನಡೆಸಲು ಅವಕಾಶ ನೀಡಬಾರದು ಎಂದು ಕೋರಿದ್ದಾರೆ. ಈ ಕುರಿತು ಅಧ್ಯಯನ ನಡೆಸಿ ವರದಿ ನೀಡುವಂತೆ ಮುಖ್ಯ ಕಾರ್ಯದರ್ಶಿಗೆ ಸೂಚನೆ ನೀಡಲಾಗಿದೆ. ತಮಿಳುನಾಡಿನಲ್ಲಿ ಜಾರಿಯಲ್ಲಿರುವ ಮಾದರಿಯನ್ನು ಪರಿಶೀಲಿಸಲಾಗುತ್ತಿದೆ. ಸಂಘಟನೆಗಳು ಸರ್ಕಾರಿ ಜಾಗದಲ್ಲಿ ಕಾರ್ಯಕ್ರಮ ನಡೆಸಲು ಪೂರ್ವಾನುಮತಿ ಕಡ್ಡಾಯಗೊಳಿಸುವ ಸಾಧ್ಯತೆ ಇದೆ. ಸರ್ಕಾರಿ ನೌಕರರು ಇಂತಹ ಸಂಘಟನೆಗಳಲ್ಲಿ ಭಾಗವಹಿಸುವುದನ್ನು ನಿಷೇಧಿಸುವ ಕುರಿತೂ ಚರ್ಚೆ ನಡೆದಿದೆ. ಪ್ರತಿಪಕ್ಷಗಳು ಈ ನಿರ್ಧಾರವನ್ನು ತೀವ್ರವಾಗಿ ಖಂಡಿಸಿವೆ.

ಪ್ರತಾಪಸಿಂಹ ಟೀಕೆಗೆ ತಳಬುಡ ಇಲ್ಲ

ಮಾಜಿ ಸಂಸದ ಪ್ರತಾಪ್ ಸಿಂಹ ಅವರು ಮಾಡುತ್ತಿರುವ ಟೀಕೆಗಳಿಗೆ ಯಾವುದೇ ಆಧಾರವಿಲ್ಲ. ಸರ್ಕಾರದ ಅಭಿವೃದ್ಧಿ ಕಾರ್ಯಗಳನ್ನು ಸಹಿಸಲಾಗದೆ ಅನಗತ್ಯ ಆರೋಪ ಮಾಡುತ್ತಿದ್ದಾರೆ ಎಂದು ಸಚಿವರು ತಿರುಗೇಟು ನೀಡಿದರು. ಮೈಸೂರು ದಸರಾ ಯಶಸ್ವಿಯಾಗಿ ನಡೆದಿದ್ದು ಲಕ್ಷಾಂತರ ಜನರು ಭಾಗವಹಿಸಿದ್ದಾರೆ. ಸರ್ಕಾರದ ಗ್ಯಾರಂಟಿ ಯೋಜನೆಗಳು ಜನರಿಗೆ ತಲುಪಿವೆ. ಬಿಜೆಪಿ ನಾಯಕರು ಅಪಪ್ರಚಾರದಲ್ಲಿ ತೊಡಗಿದ್ದಾರೆ. ಜನರು ಎಲ್ಲವನ್ನೂ ಗಮನಿಸುತ್ತಿದ್ದಾರೆ. ಮುಂದಿನ ಚುನಾವಣೆಯಲ್ಲಿ ತಕ್ಕ ಉತ್ತರ ನೀಡಲಿದ್ದಾರೆ ಎಂದು ಹೇಳಿದರು. ಮೈಸೂರು ಭಾಗದ ಅಭಿವೃದ್ಧಿಗೆ ಹೆಚ್ಚಿನ ಅನುದಾನ ನೀಡಲಾಗಿದೆ ಎಂದೂ ತಿಳಿಸಿದರು.

ಮಾಜಿ ಸಂಸದ ಪ್ರತಾಪ್ ಸಿಂಹ ಅವರು ಮಾಡುತ್ತಿರುವ ಟೀಕೆಗಳಿಗೆ ಯಾವುದೇ ಆಧಾರವಿಲ್ಲ. ಸರ್ಕಾರದ ಅಭಿವೃದ್ಧಿ ಕಾರ್ಯಗಳನ್ನು ಸಹಿಸಲಾಗದೆ ಅನಗತ್ಯ ಆರೋಪ ಮಾಡುತ್ತಿದ್ದಾರೆ ಎಂದು ಸಚಿವರು ತಿರುಗೇಟು ನೀಡಿದರು. ಮೈಸೂರು ದಸರಾ ಯಶಸ್ವಿಯಾಗಿ ನಡೆದಿದ್ದು ಲಕ್ಷಾಂತರ ಜನರು ಭಾಗವಹಿಸಿದ್ದಾರೆ. ಸರ್ಕಾರದ ಗ್ಯಾರಂಟಿ ಯೋಜನೆಗಳು ಜನರಿಗೆ ತಲುಪಿವೆ. ಬಿಜೆಪಿ ನಾಯಕರು ಅಪಪ್ರಚಾರದಲ್ಲಿ ತೊಡಗಿದ್ದಾರೆ. ಜನರು ಎಲ್ಲವನ್ನೂ ಗಮನಿಸುತ್ತಿದ್ದಾರೆ. ಮುಂದಿನ ಚುನಾವಣೆಯಲ್ಲಿ ತಕ್ಕ ಉತ್ತರ ನೀಡಲಿದ್ದಾರೆ ಎಂದು ಹೇಳಿದರು. ಮೈಸೂರು ಭಾಗದ ಅಭಿವೃದ್ಧಿಗೆ ಹೆಚ್ಚಿನ ಅನುದಾನ ನೀಡಲಾಗಿದೆ ಎಂದೂ ತಿಳಿಸಿದರು.
